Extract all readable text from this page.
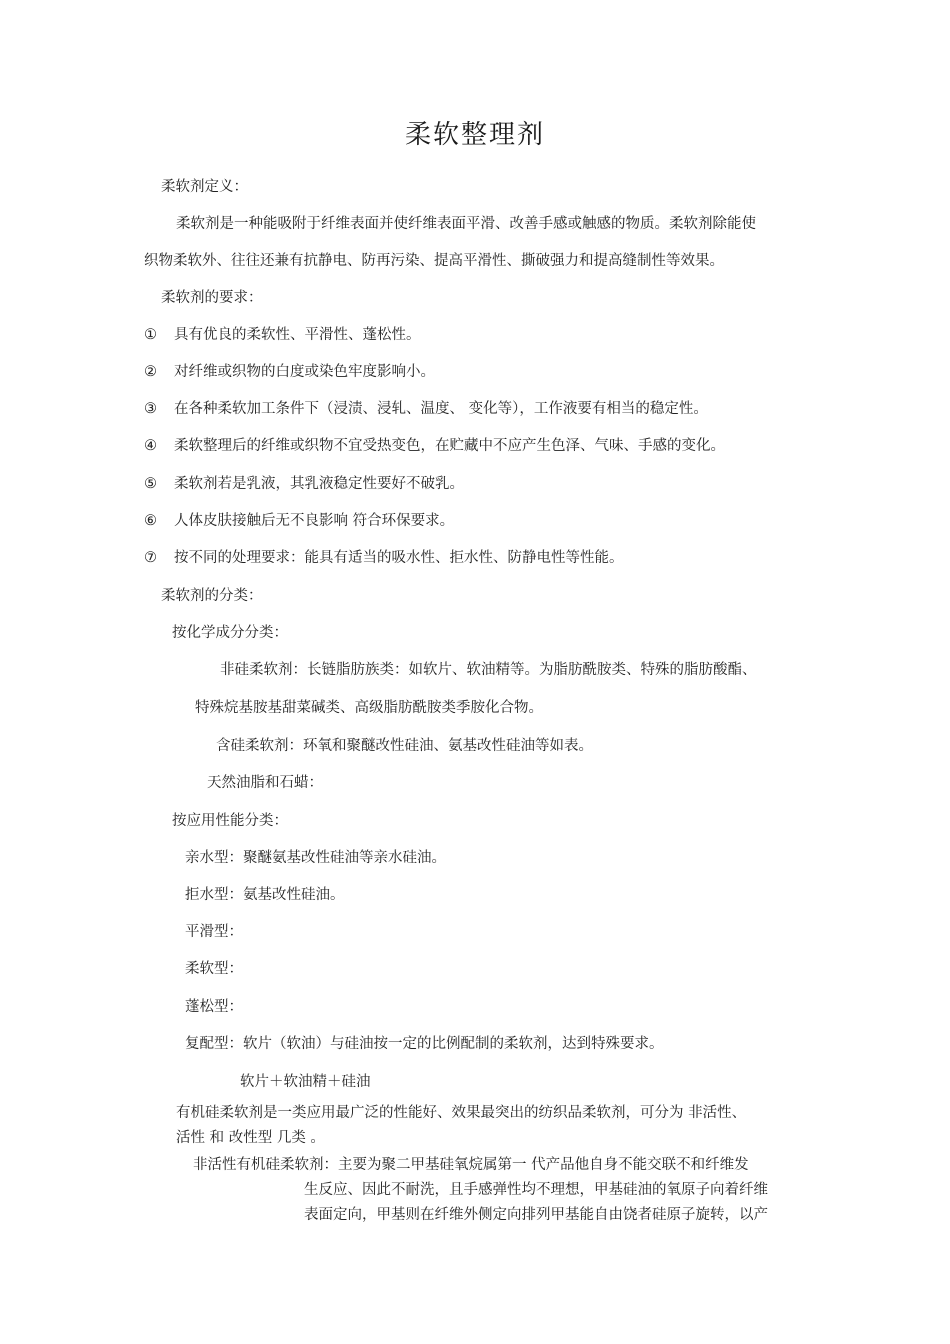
柔软整理剂
柔软剂定义：
柔软剂是一种能吸附于纤维表面并使纤维表面平滑、改善手感或触感的物质。柔软剂除能使
织物柔软外、往往还兼有抗静电、防再污染、提高平滑性、撕破强力和提高缝制性等效果。
柔软剂的要求：
① 具有优良的柔软性、平滑性、蓬松性。
② 对纤维或织物的白度或染色牢度影响小。
③ 在各种柔软加工条件下（浸渍、浸轧、温度、 变化等），工作液要有相当的稳定性。
④ 柔软整理后的纤维或织物不宜受热变色，在贮藏中不应产生色泽、气味、手感的变化。
⑤ 柔软剂若是乳液，其乳液稳定性要好不破乳。
⑥ 人体皮肤接触后无不良影响 符合环保要求。
⑦ 按不同的处理要求：能具有适当的吸水性、拒水性、防静电性等性能。
柔软剂的分类：
按化学成分分类：
非硅柔软剂：长链脂肪族类：如软片、软油精等。为脂肪酰胺类、特殊的脂肪酸酯、
特殊烷基胺基甜菜碱类、高级脂肪酰胺类季胺化合物。
含硅柔软剂：环氧和聚醚改性硅油、氨基改性硅油等如表。
天然油脂和石蜡：
按应用性能分类：
亲水型：聚醚氨基改性硅油等亲水硅油。
拒水型：氨基改性硅油。
平滑型：
柔软型：
蓬松型：
复配型：软片（软油）与硅油按一定的比例配制的柔软剂，达到特殊要求。
软片＋软油精＋硅油
有机硅柔软剂是一类应用最广泛的性能好、效果最突出的纺织品柔软剂，可分为 非活性、
活性 和 改性型 几类 。
非活性有机硅柔软剂：主要为聚二甲基硅氧烷属第一 代产品他自身不能交联不和纤维发
生反应、因此不耐洗，且手感弹性均不理想，甲基硅油的氧原子向着纤维
表面定向，甲基则在纤维外侧定向排列甲基能自由饶者硅原子旋转，以产
